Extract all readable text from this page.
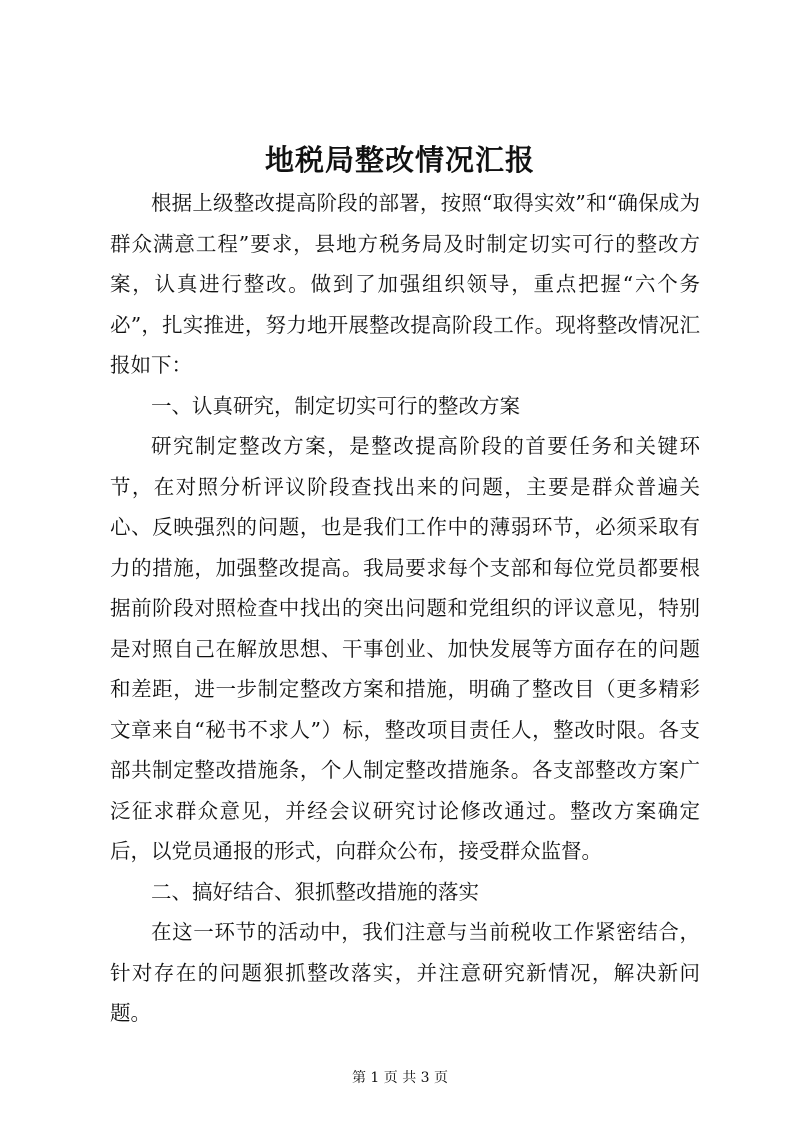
地税局整改情况汇报

根据上级整改提高阶段的部署，按照“取得实效”和“确保成为群众满意工程”要求，县地方税务局及时制定切实可行的整改方案，认真进行整改。做到了加强组织领导，重点把握“六个务必”，扎实推进，努力地开展整改提高阶段工作。现将整改情况汇报如下：

一、认真研究，制定切实可行的整改方案

研究制定整改方案，是整改提高阶段的首要任务和关键环节，在对照分析评议阶段查找出来的问题，主要是群众普遍关心、反映强烈的问题，也是我们工作中的薄弱环节，必须采取有力的措施，加强整改提高。我局要求每个支部和每位党员都要根据前阶段对照检查中找出的突出问题和党组织的评议意见，特别是对照自己在解放思想、干事创业、加快发展等方面存在的问题和差距，进一步制定整改方案和措施，明确了整改目（更多精彩文章来自“秘书不求人”）标，整改项目责任人，整改时限。各支部共制定整改措施条，个人制定整改措施条。各支部整改方案广泛征求群众意见，并经会议研究讨论修改通过。整改方案确定后，以党员通报的形式，向群众公布，接受群众监督。

二、搞好结合、狠抓整改措施的落实

在这一环节的活动中，我们注意与当前税收工作紧密结合，针对存在的问题狠抓整改落实，并注意研究新情况，解决新问题。

第 1 页 共 3 页
